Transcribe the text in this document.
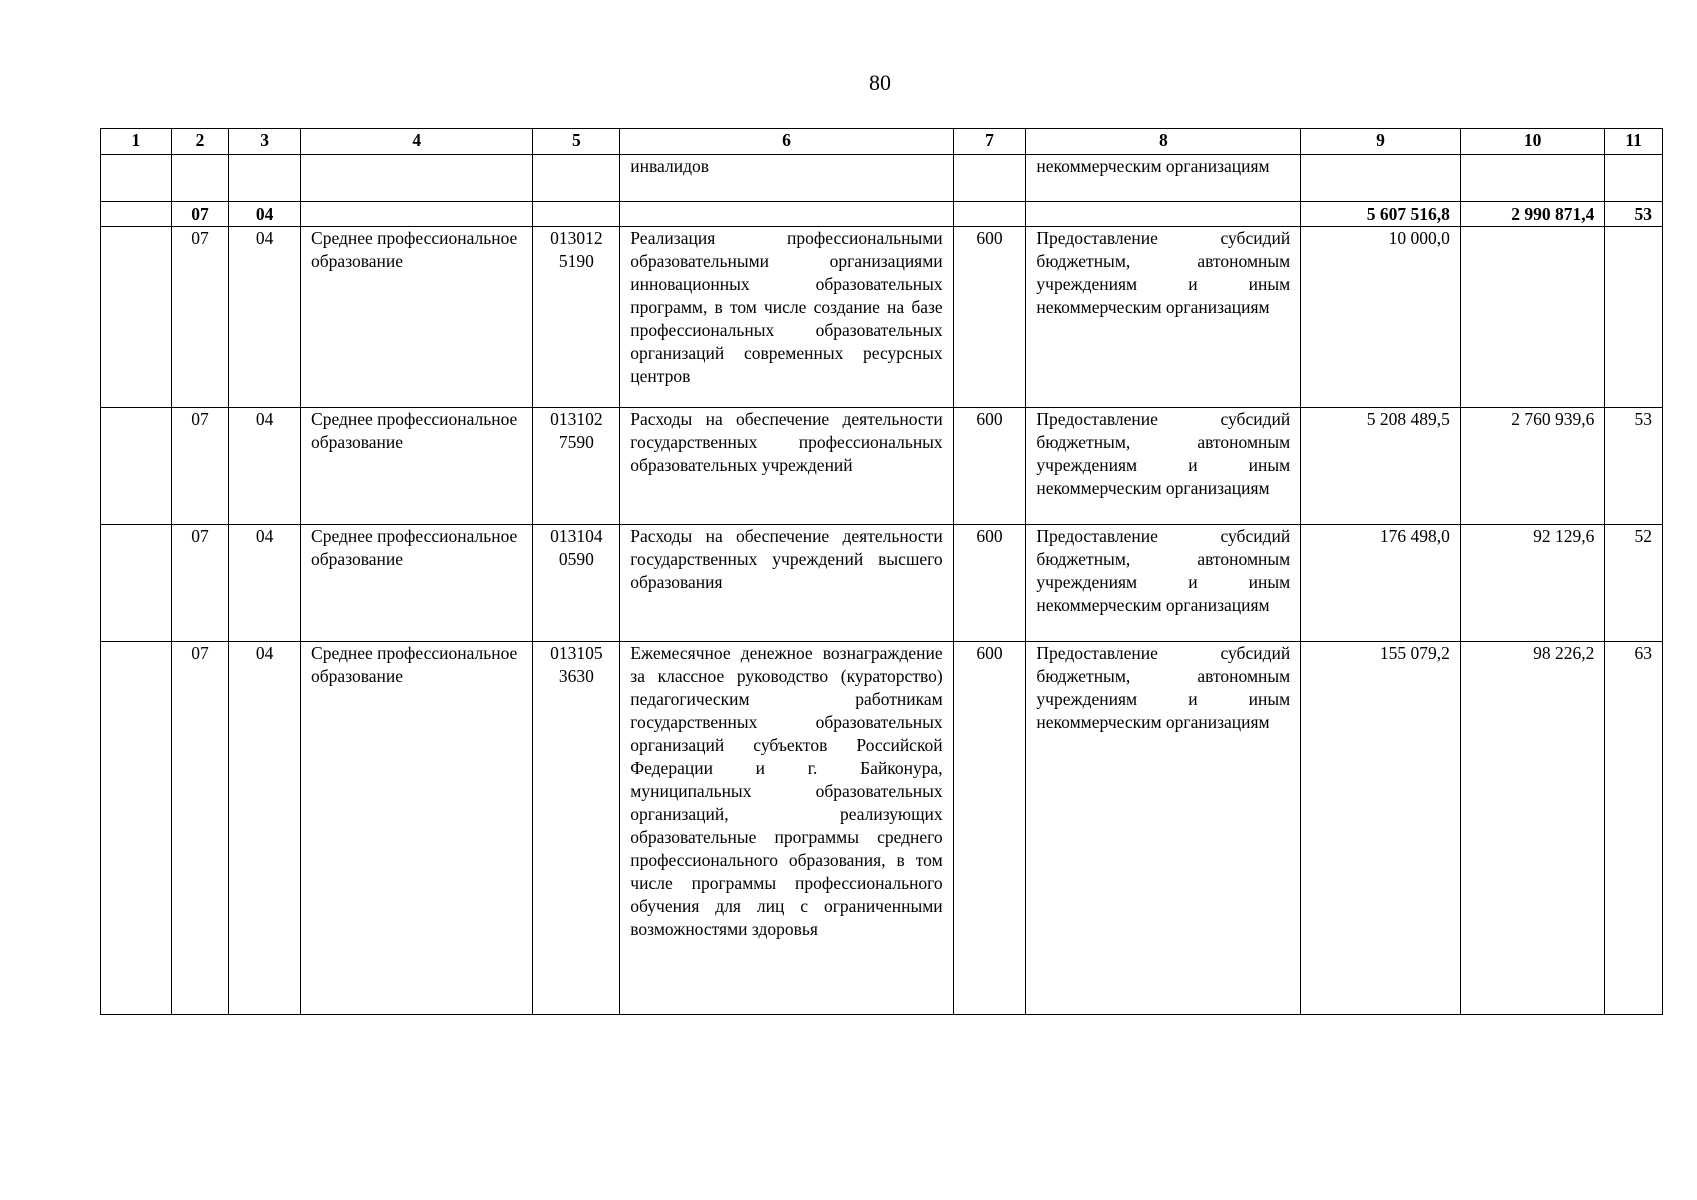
80
1	2	3	4	5	6	7	8	9	10	11
					инвалидов		некоммерческим организациям			
	07	04						5 607 516,8	2 990 871,4	53
	07	04	Среднее профессиональное образование	013012 5190	Реализация профессиональными образовательными организациями инновационных образовательных программ, в том числе создание на базе профессиональных образовательных организаций современных ресурсных центров	600	Предоставление субсидий бюджетным, автономным учреждениям и иным некоммерческим организациям	10 000,0		
	07	04	Среднее профессиональное образование	013102 7590	Расходы на обеспечение деятельности государственных профессиональных образовательных учреждений	600	Предоставление субсидий бюджетным, автономным учреждениям и иным некоммерческим организациям	5 208 489,5	2 760 939,6	53
	07	04	Среднее профессиональное образование	013104 0590	Расходы на обеспечение деятельности государственных учреждений высшего образования	600	Предоставление субсидий бюджетным, автономным учреждениям и иным некоммерческим организациям	176 498,0	92 129,6	52
	07	04	Среднее профессиональное образование	013105 3630	Ежемесячное денежное вознаграждение за классное руководство (кураторство) педагогическим работникам государственных образовательных организаций субъектов Российской Федерации и г. Байконура, муниципальных образовательных организаций, реализующих образовательные программы среднего профессионального образования, в том числе программы профессионального обучения для лиц с ограниченными возможностями здоровья	600	Предоставление субсидий бюджетным, автономным учреждениям и иным некоммерческим организациям	155 079,2	98 226,2	63
